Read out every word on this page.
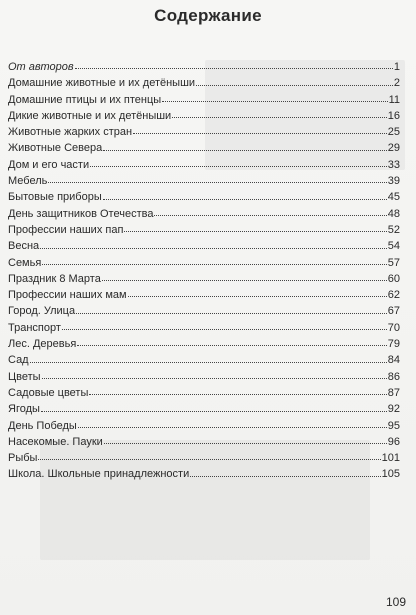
Содержание
От авторов	1
Домашние животные и их детёныши	2
Домашние птицы и их птенцы	11
Дикие животные и их детёныши	16
Животные жарких стран	25
Животные Севера	29
Дом и его части	33
Мебель	39
Бытовые приборы	45
День защитников Отечества	48
Профессии наших пап	52
Весна	54
Семья	57
Праздник 8 Марта	60
Профессии наших мам	62
Город. Улица	67
Транспорт	70
Лес. Деревья	79
Сад	84
Цветы	86
Садовые цветы	87
Ягоды	92
День Победы	95
Насекомые. Пауки	96
Рыбы	101
Школа. Школьные принадлежности	105
109
